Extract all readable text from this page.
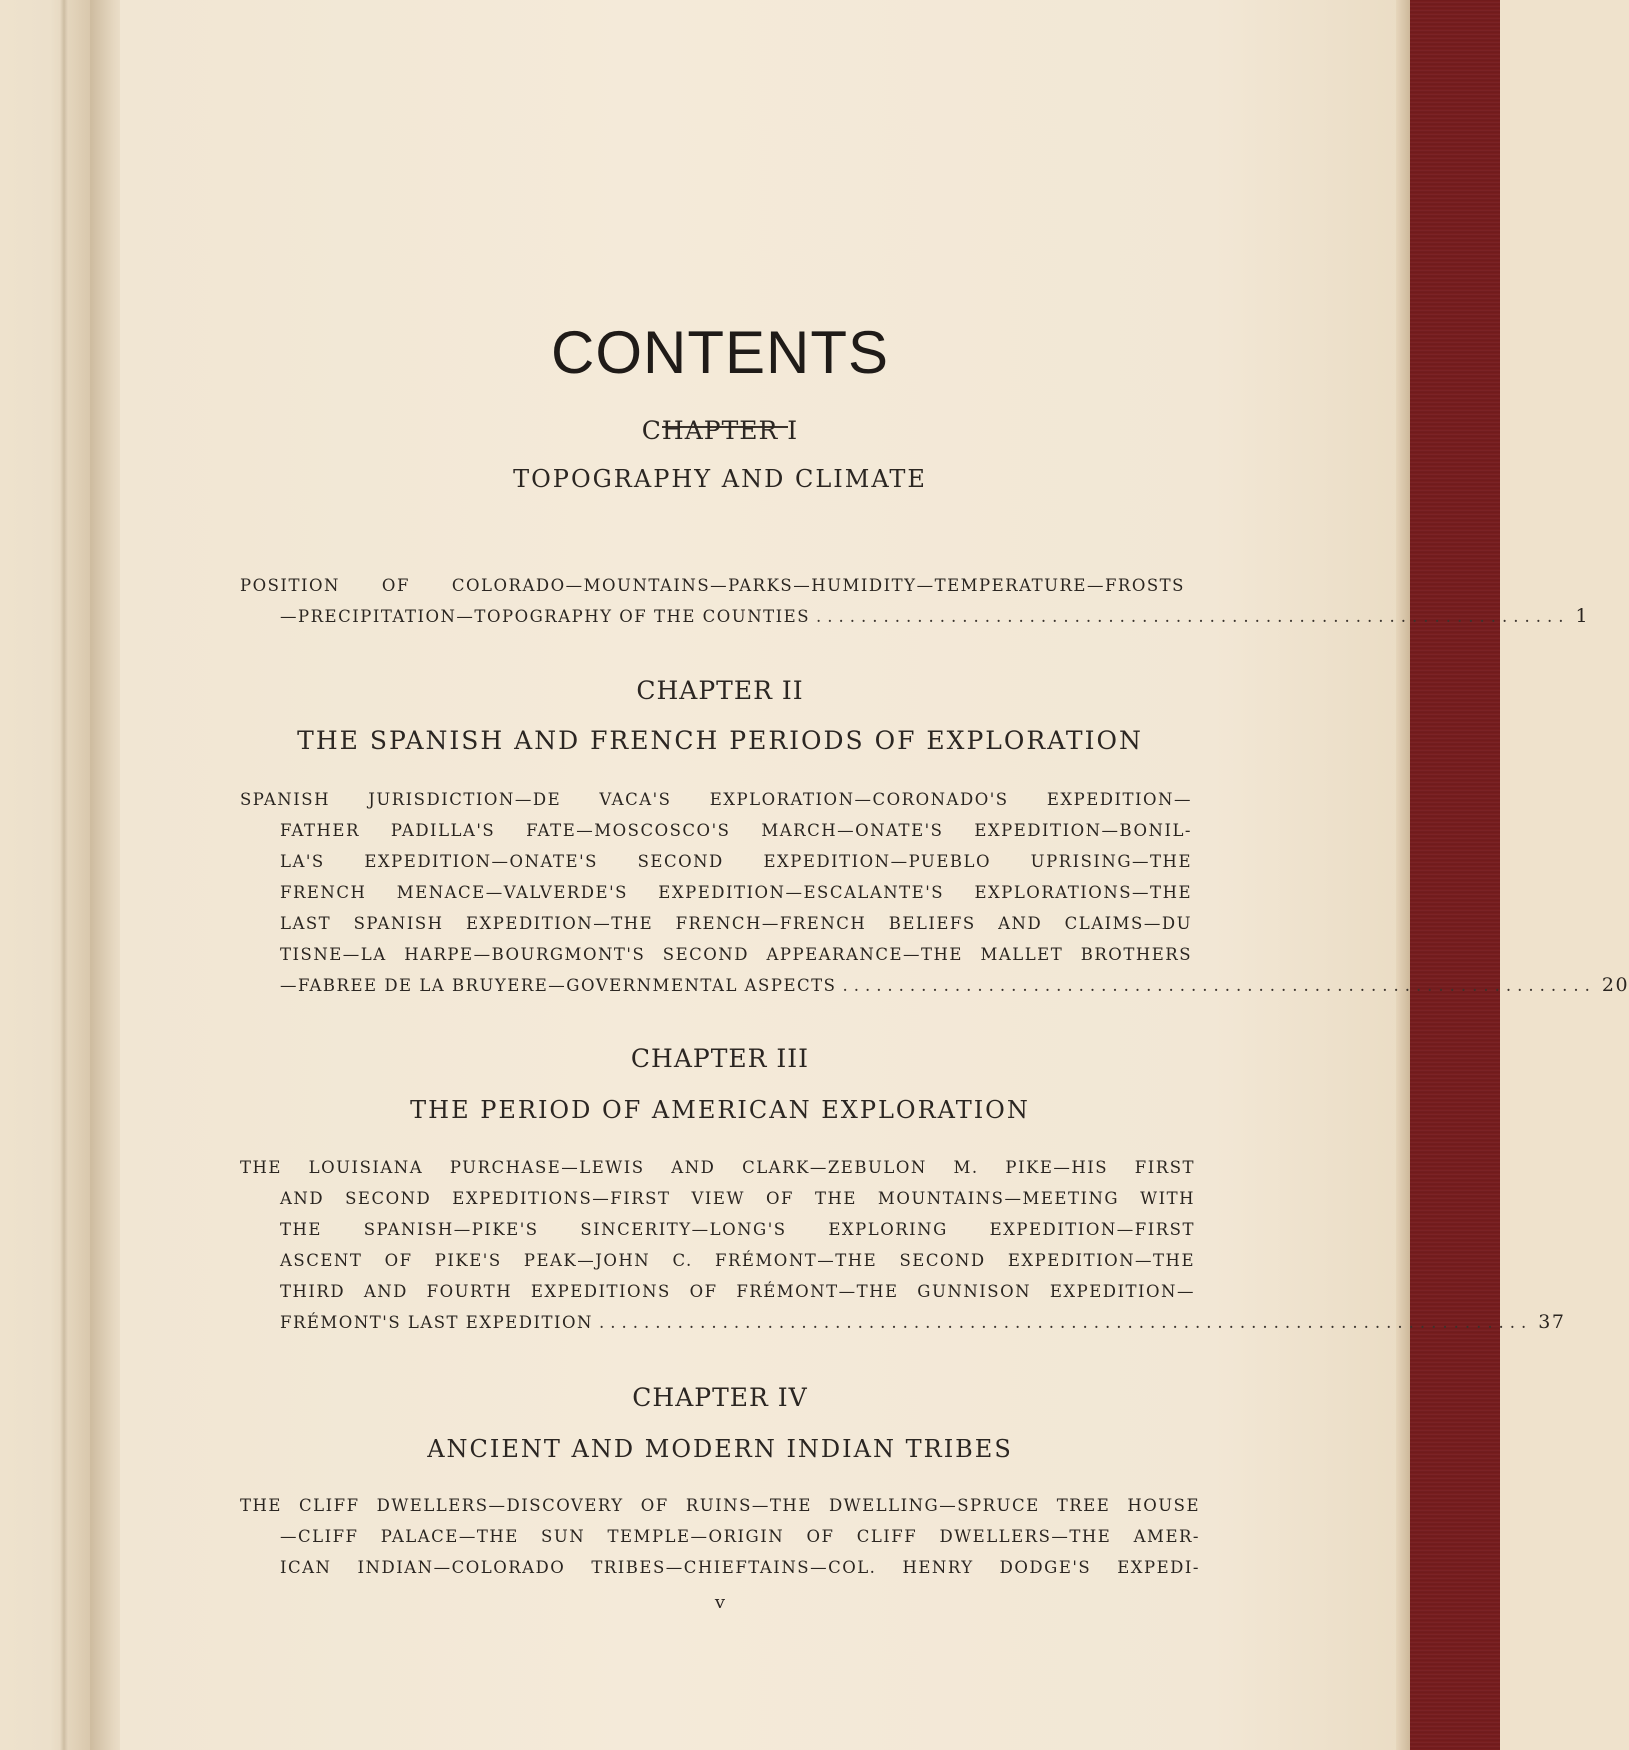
CONTENTS
CHAPTER I
TOPOGRAPHY AND CLIMATE
POSITION OF COLORADO—MOUNTAINS—PARKS—HUMIDITY—TEMPERATURE—FROSTS
—PRECIPITATION—TOPOGRAPHY OF THE COUNTIES ................................................................... 1
CHAPTER II
THE SPANISH AND FRENCH PERIODS OF EXPLORATION
SPANISH JURISDICTION—DE VACA'S EXPLORATION—CORONADO'S EXPEDITION—
FATHER PADILLA'S FATE—MOSCOSCO'S MARCH—ONATE'S EXPEDITION—BONIL-
LA'S EXPEDITION—ONATE'S SECOND EXPEDITION—PUEBLO UPRISING—THE
FRENCH MENACE—VALVERDE'S EXPEDITION—ESCALANTE'S EXPLORATIONS—THE
LAST SPANISH EXPEDITION—THE FRENCH—FRENCH BELIEFS AND CLAIMS—DU
TISNE—LA HARPE—BOURGMONT'S SECOND APPEARANCE—THE MALLET BROTHERS
—FABREE DE LA BRUYERE—GOVERNMENTAL ASPECTS ................................................................... 20
CHAPTER III
THE PERIOD OF AMERICAN EXPLORATION
THE LOUISIANA PURCHASE—LEWIS AND CLARK—ZEBULON M. PIKE—HIS FIRST
AND SECOND EXPEDITIONS—FIRST VIEW OF THE MOUNTAINS—MEETING WITH
THE SPANISH—PIKE'S SINCERITY—LONG'S EXPLORING EXPEDITION—FIRST
ASCENT OF PIKE'S PEAK—JOHN C. FRÉMONT—THE SECOND EXPEDITION—THE
THIRD AND FOURTH EXPEDITIONS OF FRÉMONT—THE GUNNISON EXPEDITION—
FRÉMONT'S LAST EXPEDITION ................................................................................... 37
CHAPTER IV
ANCIENT AND MODERN INDIAN TRIBES
THE CLIFF DWELLERS—DISCOVERY OF RUINS—THE DWELLING—SPRUCE TREE HOUSE
—CLIFF PALACE—THE SUN TEMPLE—ORIGIN OF CLIFF DWELLERS—THE AMER-
ICAN INDIAN—COLORADO TRIBES—CHIEFTAINS—COL. HENRY DODGE'S EXPEDI-
v
